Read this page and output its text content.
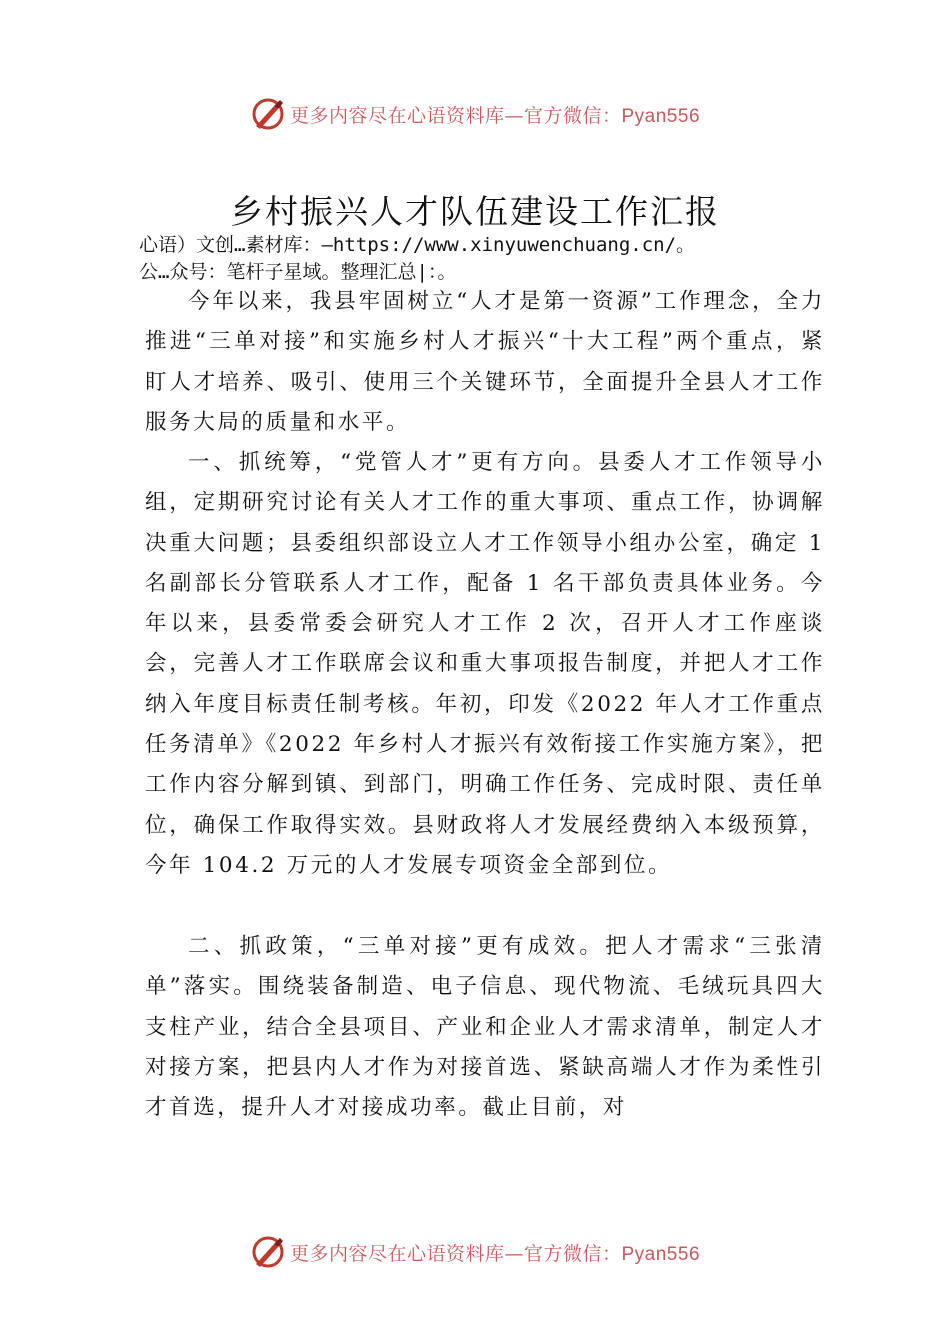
更多内容尽在心语资料库—官方微信：Pyan556
乡村振兴人才队伍建设工作汇报
心语）文创…素材库：—https://www.xinyuwenchuang.cn/。
公…众号：笔杆子星域。整理汇总|：。

今年以来，我县牢固树立“人才是第一资源”工作理念，全力推进“三单对接”和实施乡村人才振兴“十大工程”两个重点，紧盯人才培养、吸引、使用三个关键环节，全面提升全县人才工作服务大局的质量和水平。

一、抓统筹，“党管人才”更有方向。县委人才工作领导小组，定期研究讨论有关人才工作的重大事项、重点工作，协调解决重大问题；县委组织部设立人才工作领导小组办公室，确定 1 名副部长分管联系人才工作，配备 1 名干部负责具体业务。今年以来，县委常委会研究人才工作 2 次，召开人才工作座谈会，完善人才工作联席会议和重大事项报告制度，并把人才工作纳入年度目标责任制考核。年初，印发《2022 年人才工作重点任务清单》《2022 年乡村人才振兴有效衔接工作实施方案》，把工作内容分解到镇、到部门，明确工作任务、完成时限、责任单位，确保工作取得实效。县财政将人才发展经费纳入本级预算，今年 104.2 万元的人才发展专项资金全部到位。

二、抓政策，“三单对接”更有成效。把人才需求“三张清单”落实。围绕装备制造、电子信息、现代物流、毛绒玩具四大支柱产业，结合全县项目、产业和企业人才需求清单，制定人才对接方案，把县内人才作为对接首选、紧缺高端人才作为柔性引才首选，提升人才对接成功率。截止目前，对

更多内容尽在心语资料库—官方微信：Pyan556
